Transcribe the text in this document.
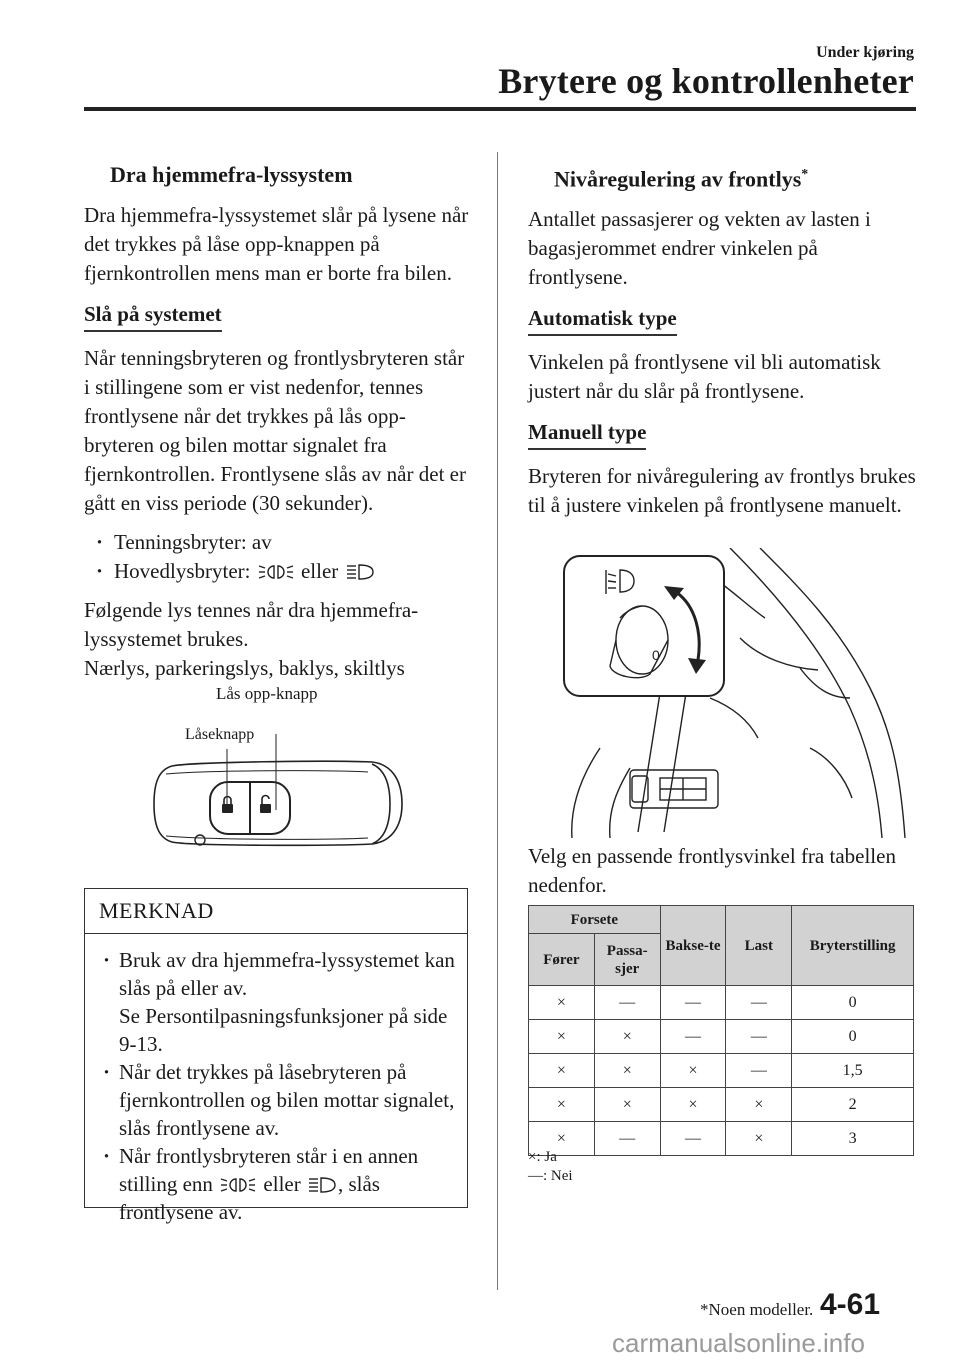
Under kjøring
Brytere og kontrollenheter
Dra hjemmefra-lyssystem

Dra hjemmefra-lyssystemet slår på lysene når det trykkes på låse opp-knappen på fjernkontrollen mens man er borte fra bilen.

Slå på systemet

Når tenningsbryteren og frontlysbryteren står i stillingene som er vist nedenfor, tennes frontlysene når det trykkes på lås opp-bryteren og bilen mottar signalet fra fjernkontrollen. Frontlysene slås av når det er gått en viss periode (30 sekunder).

· Tenningsbryter: av
· Hovedlysbryter: eller

Følgende lys tennes når dra hjemmefra-lyssystemet brukes.

Nærlys, parkeringslys, baklys, skiltlys

Låseknapp
Lås opp-knapp
MERKNAD
· Bruk av dra hjemmefra-lyssystemet kan slås på eller av.
Se Persontilpasningsfunksjoner på side 9-13.
· Når det trykkes på låsebryteren på fjernkontrollen og bilen mottar signalet, slås frontlysene av.
· Når frontlysbryteren står i en annen stilling enn eller , slås frontlysene av.
Nivåregulering av frontlys*

Antallet passasjerer og vekten av lasten i bagasjerommet endrer vinkelen på frontlysene.

Automatisk type

Vinkelen på frontlysene vil bli automatisk justert når du slår på frontlysene.

Manuell type

Bryteren for nivåregulering av frontlys brukes til å justere vinkelen på frontlysene manuelt.

0

Velg en passende frontlysvinkel fra tabellen nedenfor.

Forsete		Bakse-te	Last	Bryterstilling
Fører	Passa-sjer			
×	—	—	—	0
×	×	—	—	0
×	×	×	—	1,5
×	×	×	×	2
×	—	—	×	3
×: Ja
—: Nei
*Noen modeller. 4-61
carmanualsonline.info
